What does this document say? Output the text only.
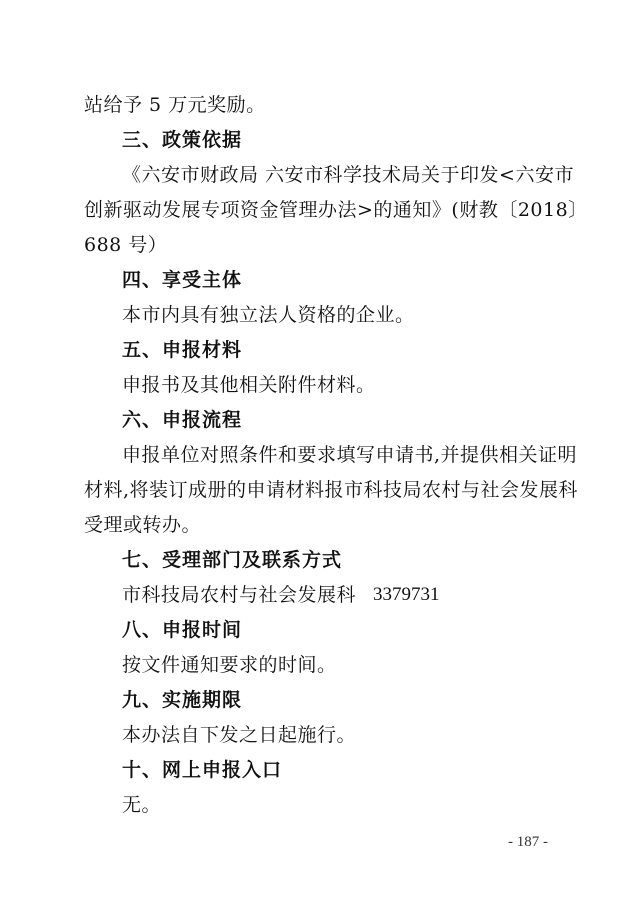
站给予 5 万元奖励。
三、政策依据
《六安市财政局 六安市科学技术局关于印发<六安市
创新驱动发展专项资金管理办法>的通知》(财教〔2018〕
688 号）
四、享受主体
本市内具有独立法人资格的企业。
五、申报材料
申报书及其他相关附件材料。
六、申报流程
申报单位对照条件和要求填写申请书,并提供相关证明
材料,将装订成册的申请材料报市科技局农村与社会发展科
受理或转办。
七、受理部门及联系方式
市科技局农村与社会发展科 3379731
八、申报时间
按文件通知要求的时间。
九、实施期限
本办法自下发之日起施行。
十、网上申报入口
无。
- 187 -
